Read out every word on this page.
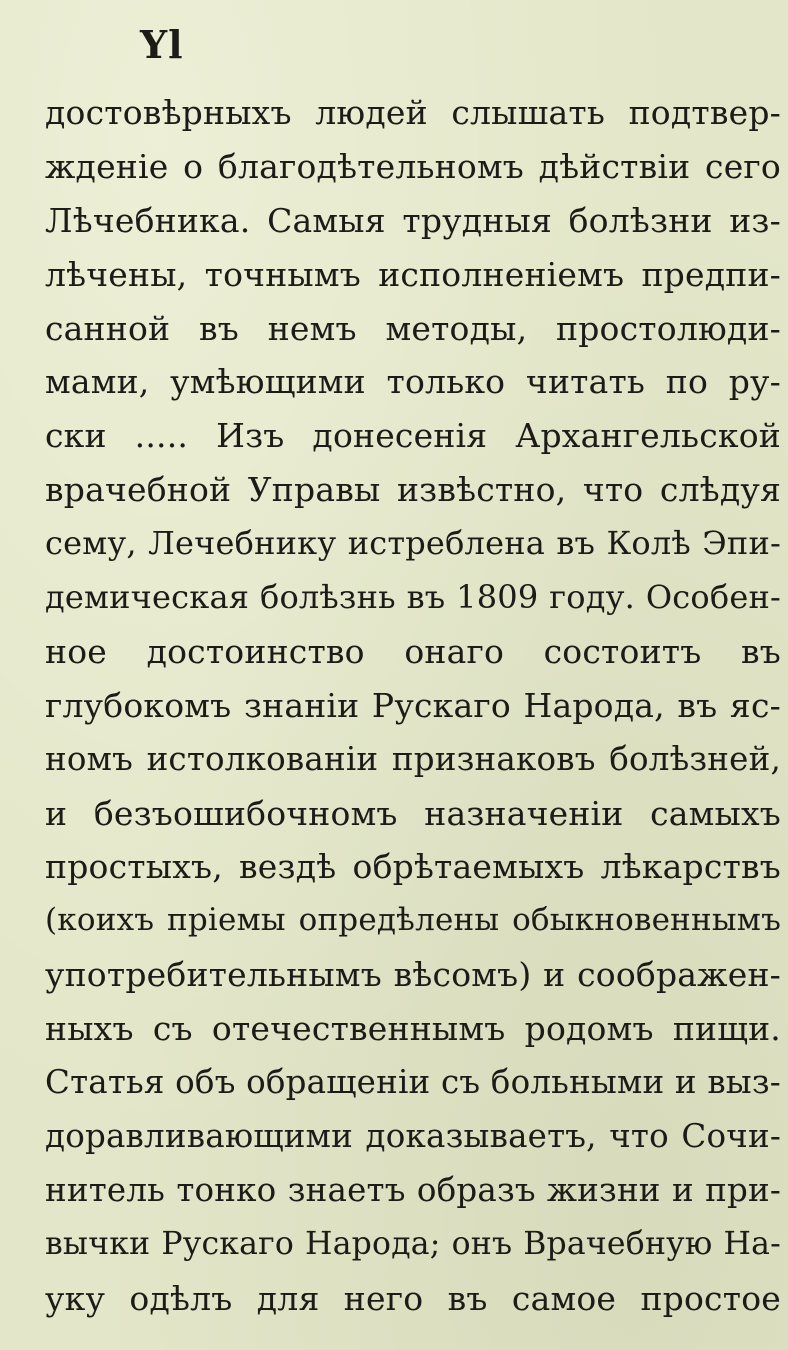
Yl
достовѣрныхъ людей слышать подтвер-
жденіе о благодѣтельномъ дѣйствіи сего
Лѣчебника. Самыя трудныя болѣзни из-
лѣчены, точнымъ исполненіемъ предпи-
санной въ немъ методы, простолюди-
мами, умѣющими только читать по ру-
ски ..... Изъ донесенія Архангельской
врачебной Управы извѣстно, что слѣдуя
сему, Лечебнику истреблена въ Колѣ Эпи-
демическая болѣзнь въ 1809 году. Особен-
ное достоинство онаго состоитъ въ
глубокомъ знаніи Рускаго Народа, въ яс-
номъ истолкованіи признаковъ болѣзней,
и безъошибочномъ назначеніи самыхъ
простыхъ, вездѣ обрѣтаемыхъ лѣкарствъ
(коихъ пріемы опредѣлены обыкновеннымъ
употребительнымъ вѣсомъ) и соображен-
ныхъ съ отечественнымъ родомъ пищи.
Статья объ обращеніи съ больными и выз-
доравливающими доказываетъ, что Сочи-
нитель тонко знаетъ образъ жизни и при-
вычки Рускаго Народа; онъ Врачебную На-
уку одѣлъ для него въ самое простое
